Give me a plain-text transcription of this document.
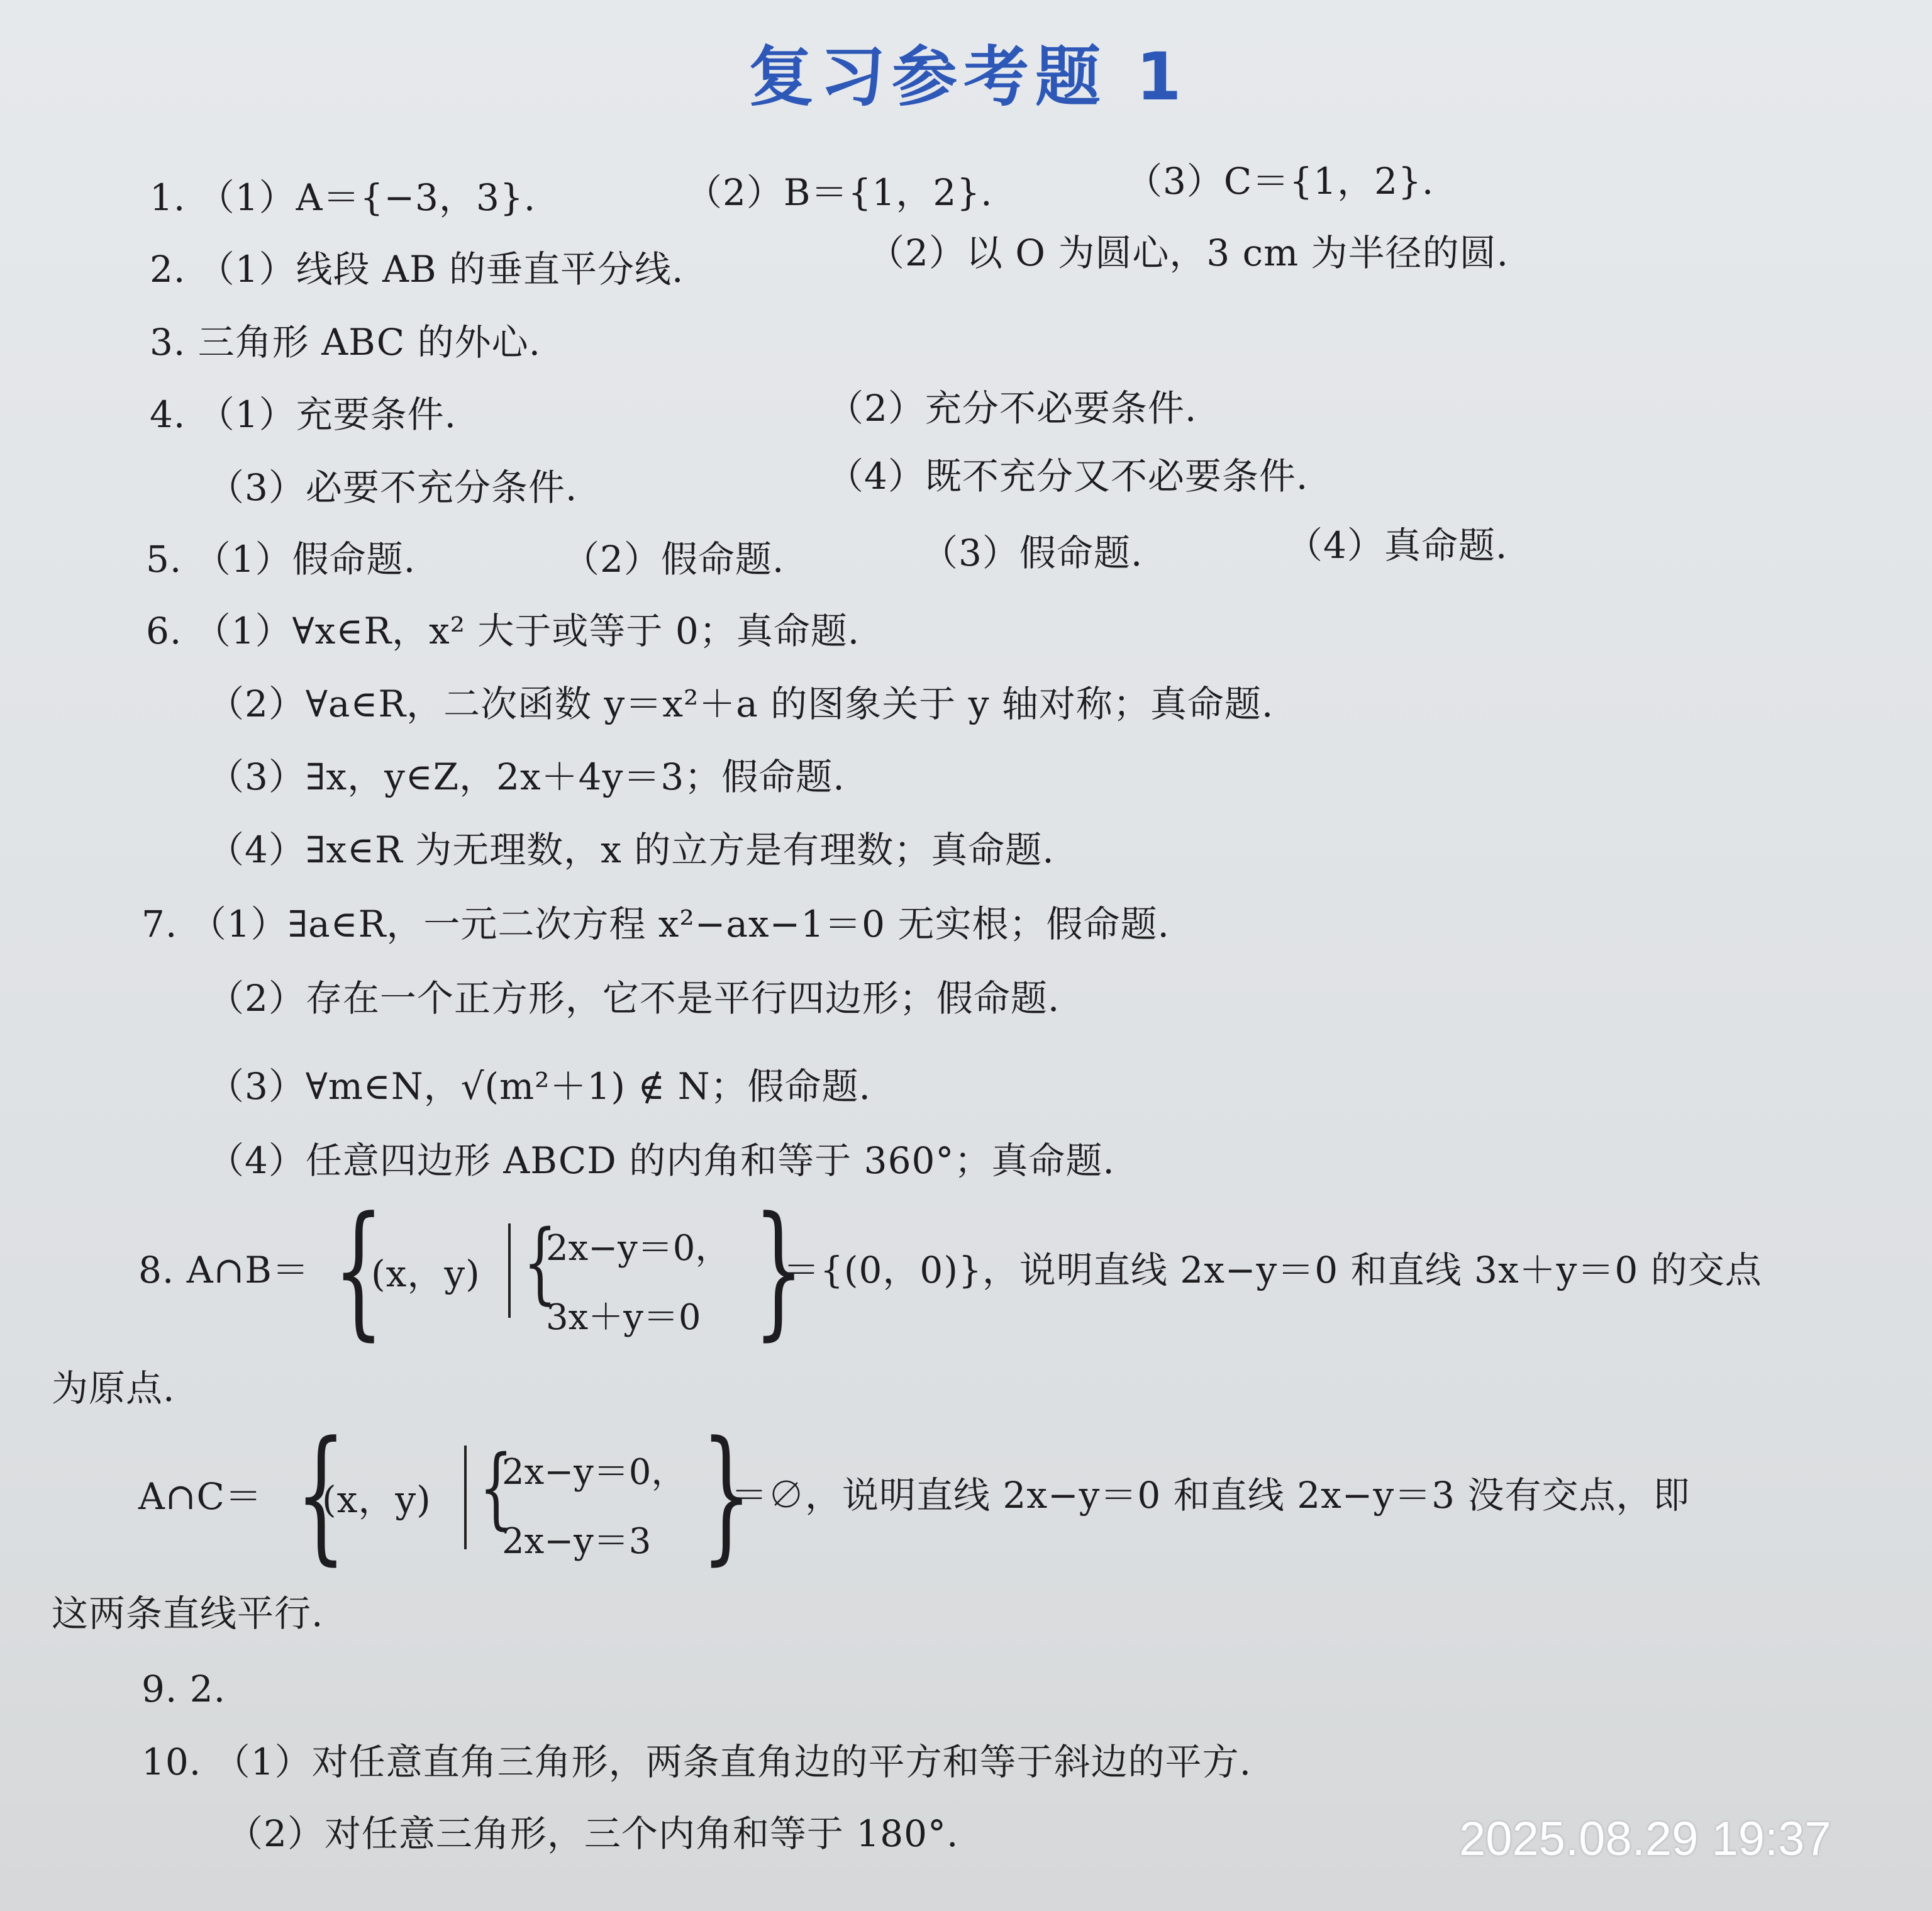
复习参考题 1
1. （1）A＝{−3，3}.	（2）B＝{1，2}.	（3）C＝{1，2}.
2. （1）线段 AB 的垂直平分线.	（2）以 O 为圆心，3 cm 为半径的圆.
3. 三角形 ABC 的外心.
4. （1）充要条件.	（2）充分不必要条件.
（3）必要不充分条件.	（4）既不充分又不必要条件.
5. （1）假命题.	（2）假命题.	（3）假命题.	（4）真命题.
6. （1）∀x∈R，x² 大于或等于 0；真命题.
（2）∀a∈R，二次函数 y＝x²＋a 的图象关于 y 轴对称；真命题.
（3）∃x，y∈Z，2x＋4y＝3；假命题.
（4）∃x∈R 为无理数，x 的立方是有理数；真命题.
7. （1）∃a∈R，一元二次方程 x²−ax−1＝0 无实根；假命题.
（2）存在一个正方形，它不是平行四边形；假命题.
（3）∀m∈N，√(m²＋1) ∉ N；假命题.
（4）任意四边形 ABCD 的内角和等于 360°；真命题.
8. A∩B＝ {
(x，y) {
2x−y＝0，
3x＋y＝0 }
＝{(0，0)}，说明直线 2x−y＝0 和直线 3x＋y＝0 的交点
为原点.
A∩C＝ {
(x，y) {
2x−y＝0，
2x−y＝3 }
＝∅，说明直线 2x−y＝0 和直线 2x−y＝3 没有交点，即
这两条直线平行.
9. 2.
10. （1）对任意直角三角形，两条直角边的平方和等于斜边的平方.
（2）对任意三角形，三个内角和等于 180°.	2025.08.29 19:37
